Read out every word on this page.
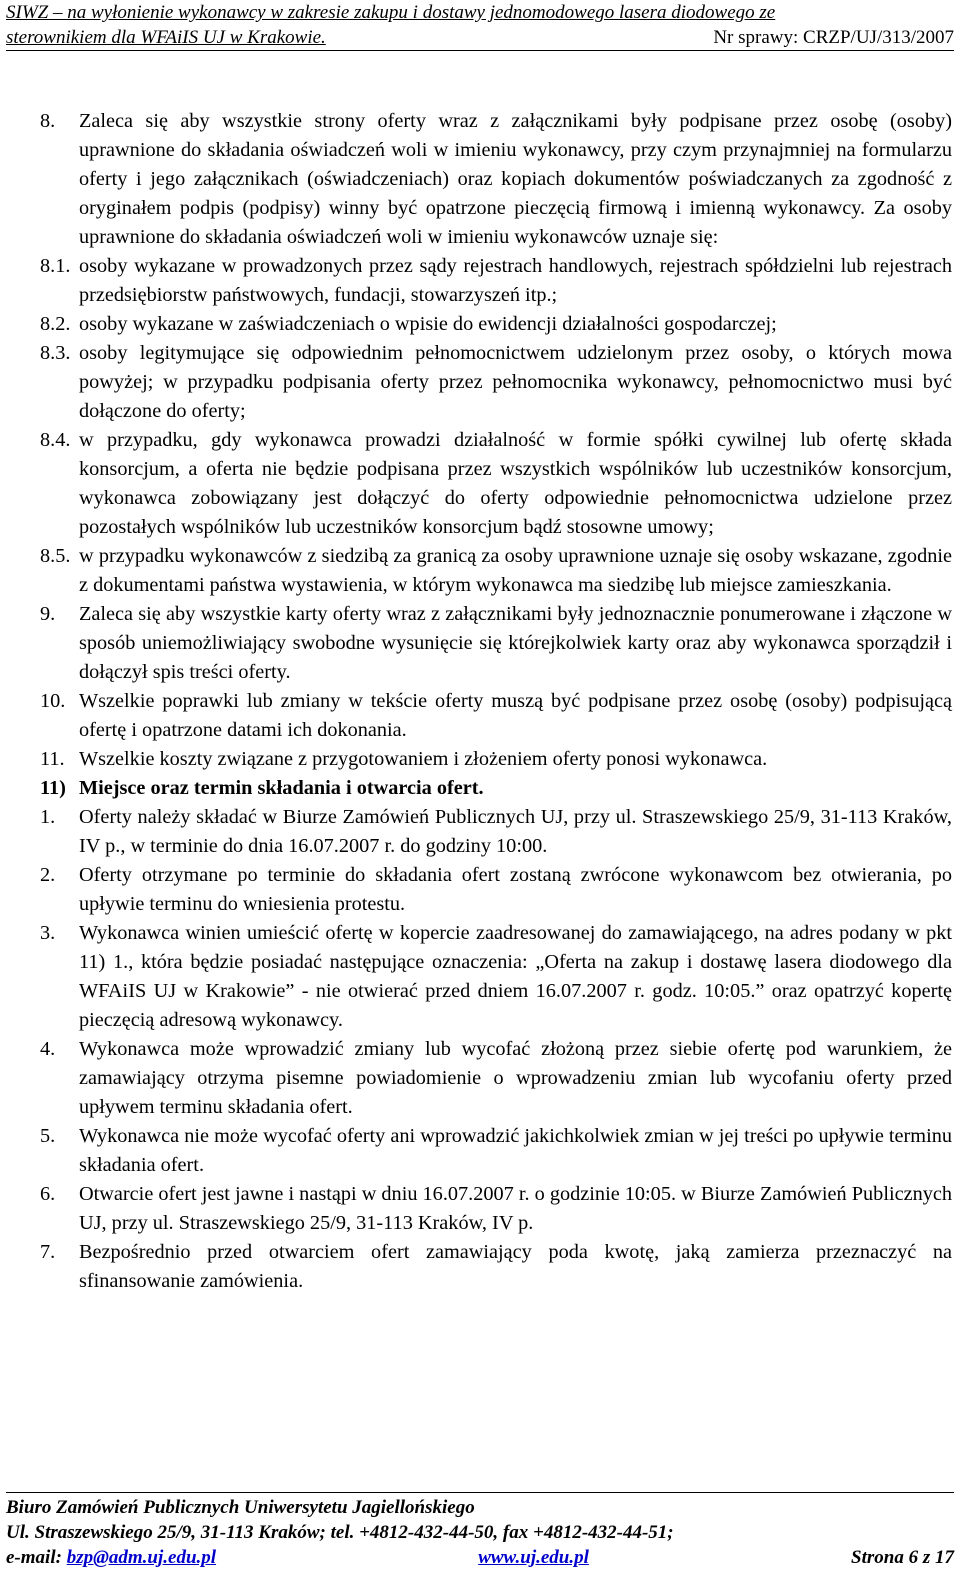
SIWZ – na wyłonienie wykonawcy w zakresie zakupu i dostawy jednomodowego lasera diodowego ze
sterownikiem dla WFAiIS UJ w Krakowie.	Nr sprawy: CRZP/UJ/313/2007
8.	Zaleca się aby wszystkie strony oferty wraz z załącznikami były podpisane przez osobę (osoby) uprawnione do składania oświadczeń woli w imieniu wykonawcy, przy czym przynajmniej na formularzu oferty i jego załącznikach (oświadczeniach) oraz kopiach dokumentów poświadczanych za zgodność z oryginałem podpis (podpisy) winny być opatrzone pieczęcią firmową i imienną wykonawcy. Za osoby uprawnione do składania oświadczeń woli w imieniu wykonawców uznaje się:
8.1. osoby wykazane w prowadzonych przez sądy rejestrach handlowych, rejestrach spółdzielni lub rejestrach przedsiębiorstw państwowych, fundacji, stowarzyszeń itp.;
8.2. osoby wykazane w zaświadczeniach o wpisie do ewidencji działalności gospodarczej;
8.3. osoby legitymujące się odpowiednim pełnomocnictwem udzielonym przez osoby, o których mowa powyżej; w przypadku podpisania oferty przez pełnomocnika wykonawcy, pełnomocnictwo musi być dołączone do oferty;
8.4. w przypadku, gdy wykonawca prowadzi działalność w formie spółki cywilnej lub ofertę składa konsorcjum, a oferta nie będzie podpisana przez wszystkich wspólników lub uczestników konsorcjum, wykonawca zobowiązany jest dołączyć do oferty odpowiednie pełnomocnictwa udzielone przez pozostałych wspólników lub uczestników konsorcjum bądź stosowne umowy;
8.5. w przypadku wykonawców z siedzibą za granicą za osoby uprawnione uznaje się osoby wskazane, zgodnie z dokumentami państwa wystawienia, w którym wykonawca ma siedzibę lub miejsce zamieszkania.
9.	Zaleca się aby wszystkie karty oferty wraz z załącznikami były jednoznacznie ponumerowane i złączone w sposób uniemożliwiający swobodne wysunięcie się którejkolwiek karty oraz aby wykonawca sporządził i dołączył spis treści oferty.
10. Wszelkie poprawki lub zmiany w tekście oferty muszą być podpisane przez osobę (osoby) podpisującą ofertę i opatrzone datami ich dokonania.
11. Wszelkie koszty związane z przygotowaniem i złożeniem oferty ponosi wykonawca.
11) Miejsce oraz termin składania i otwarcia ofert.
1.	Oferty należy składać w Biurze Zamówień Publicznych UJ, przy ul. Straszewskiego 25/9, 31-113 Kraków, IV p., w terminie do dnia 16.07.2007 r. do godziny 10:00.
2.	Oferty otrzymane po terminie do składania ofert zostaną zwrócone wykonawcom bez otwierania, po upływie terminu do wniesienia protestu.
3.	Wykonawca winien umieścić ofertę w kopercie zaadresowanej do zamawiającego, na adres podany w pkt 11) 1., która będzie posiadać następujące oznaczenia: „Oferta na zakup i dostawę lasera diodowego dla WFAiIS UJ w Krakowie” - nie otwierać przed dniem 16.07.2007 r. godz. 10:05.” oraz opatrzyć kopertę pieczęcią adresową wykonawcy.
4.	Wykonawca może wprowadzić zmiany lub wycofać złożoną przez siebie ofertę pod warunkiem, że zamawiający otrzyma pisemne powiadomienie o wprowadzeniu zmian lub wycofaniu oferty przed upływem terminu składania ofert.
5.	Wykonawca nie może wycofać oferty ani wprowadzić jakichkolwiek zmian w jej treści po upływie terminu składania ofert.
6.	Otwarcie ofert jest jawne i nastąpi w dniu 16.07.2007 r. o godzinie 10:05. w Biurze Zamówień Publicznych UJ, przy ul. Straszewskiego 25/9, 31-113 Kraków, IV p.
7.	Bezpośrednio przed otwarciem ofert zamawiający poda kwotę, jaką zamierza przeznaczyć na sfinansowanie zamówienia.
Biuro Zamówień Publicznych Uniwersytetu Jagiellońskiego
Ul. Straszewskiego 25/9, 31-113 Kraków; tel. +4812-432-44-50, fax +4812-432-44-51;
e-mail: bzp@adm.uj.edu.pl	www.uj.edu.pl	Strona 6 z 17
